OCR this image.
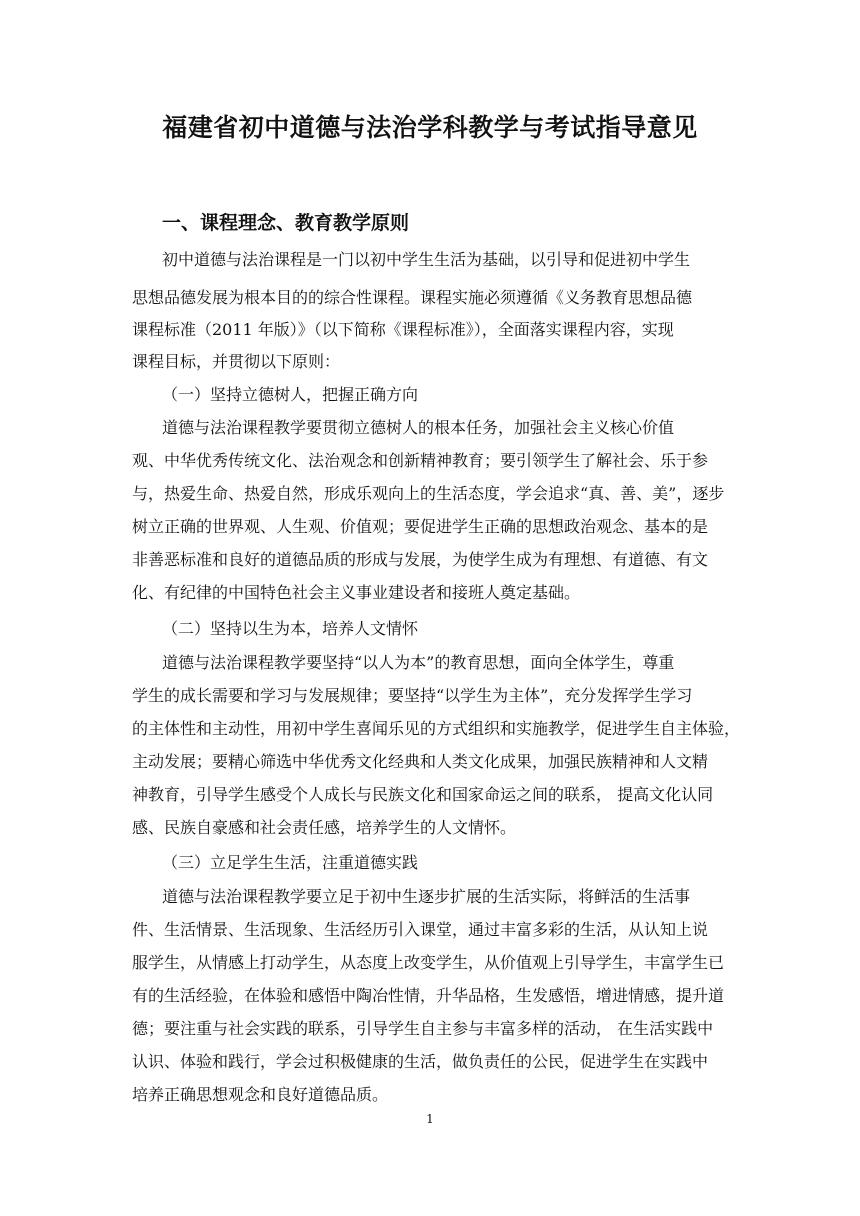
福建省初中道德与法治学科教学与考试指导意见
一、课程理念、教育教学原则
初中道德与法治课程是一门以初中学生生活为基础，以引导和促进初中学生
思想品德发展为根本目的的综合性课程。课程实施必须遵循《义务教育思想品德
课程标准（2011 年版）》（以下简称《课程标准》），全面落实课程内容，实现
课程目标，并贯彻以下原则：
（一）坚持立德树人，把握正确方向
道德与法治课程教学要贯彻立德树人的根本任务，加强社会主义核心价值
观、中华优秀传统文化、法治观念和创新精神教育；要引领学生了解社会、乐于参
与，热爱生命、热爱自然，形成乐观向上的生活态度，学会追求“真、善、美”，逐步
树立正确的世界观、人生观、价值观；要促进学生正确的思想政治观念、基本的是
非善恶标准和良好的道德品质的形成与发展，为使学生成为有理想、有道德、有文
化、有纪律的中国特色社会主义事业建设者和接班人奠定基础。
（二）坚持以生为本，培养人文情怀
道德与法治课程教学要坚持“以人为本”的教育思想，面向全体学生，尊重
学生的成长需要和学习与发展规律；要坚持“以学生为主体”，充分发挥学生学习
的主体性和主动性，用初中学生喜闻乐见的方式组织和实施教学，促进学生自主体验，
主动发展；要精心筛选中华优秀文化经典和人类文化成果，加强民族精神和人文精
神教育，引导学生感受个人成长与民族文化和国家命运之间的联系， 提高文化认同
感、民族自豪感和社会责任感，培养学生的人文情怀。
（三）立足学生生活，注重道德实践
道德与法治课程教学要立足于初中生逐步扩展的生活实际，将鲜活的生活事
件、生活情景、生活现象、生活经历引入课堂，通过丰富多彩的生活，从认知上说
服学生，从情感上打动学生，从态度上改变学生，从价值观上引导学生，丰富学生已
有的生活经验，在体验和感悟中陶冶性情，升华品格，生发感悟，增进情感，提升道
德；要注重与社会实践的联系，引导学生自主参与丰富多样的活动， 在生活实践中
认识、体验和践行，学会过积极健康的生活，做负责任的公民，促进学生在实践中
培养正确思想观念和良好道德品质。
1
